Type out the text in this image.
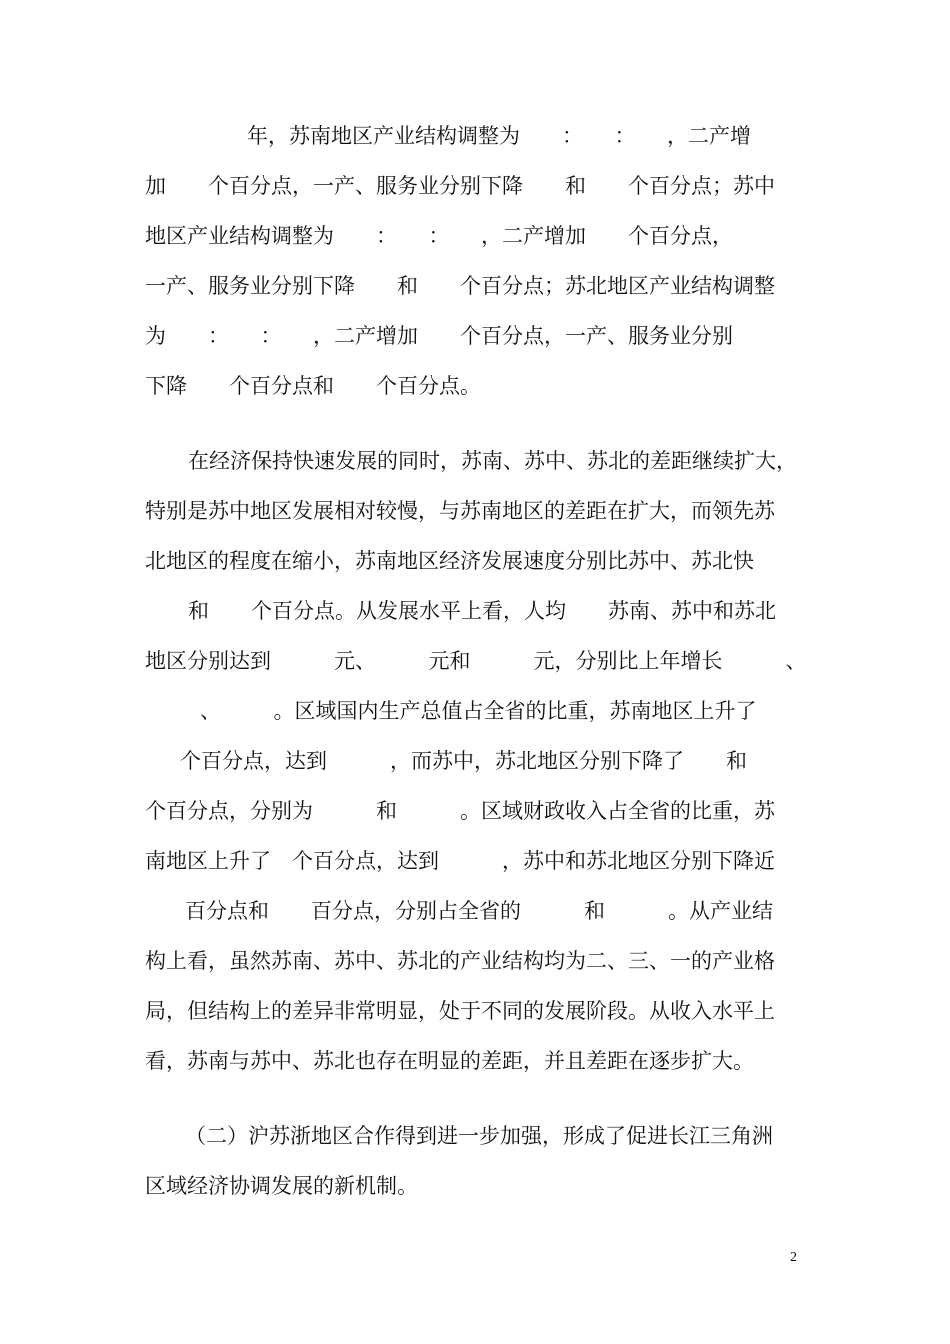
年，苏南地区产业结构调整为　　：　　：　　，二产增
加　　个百分点，一产、服务业分别下降　　和　　个百分点；苏中
地区产业结构调整为　　：　　：　　，二产增加　　个百分点，
一产、服务业分别下降　　和　　个百分点；苏北地区产业结构调整
为　　：　　：　　，二产增加　　个百分点，一产、服务业分别
下降　　个百分点和　　个百分点。
在经济保持快速发展的同时，苏南、苏中、苏北的差距继续扩大，
特别是苏中地区发展相对较慢，与苏南地区的差距在扩大，而领先苏
北地区的程度在缩小，苏南地区经济发展速度分别比苏中、苏北快
和　　个百分点。从发展水平上看，人均　　苏南、苏中和苏北
地区分别达到　　　元、　　　元和　　　元，分别比上年增长　　　、
、　　　。区域国内生产总值占全省的比重，苏南地区上升了
个百分点，达到　　　，而苏中，苏北地区分别下降了　　和
个百分点，分别为　　　和　　　。区域财政收入占全省的比重，苏
南地区上升了　个百分点，达到　　　，苏中和苏北地区分别下降近
百分点和　　百分点，分别占全省的　　　和　　　。从产业结
构上看，虽然苏南、苏中、苏北的产业结构均为二、三、一的产业格
局，但结构上的差异非常明显，处于不同的发展阶段。从收入水平上
看，苏南与苏中、苏北也存在明显的差距，并且差距在逐步扩大。
（二）沪苏浙地区合作得到进一步加强，形成了促进长江三角洲
区域经济协调发展的新机制。
2
